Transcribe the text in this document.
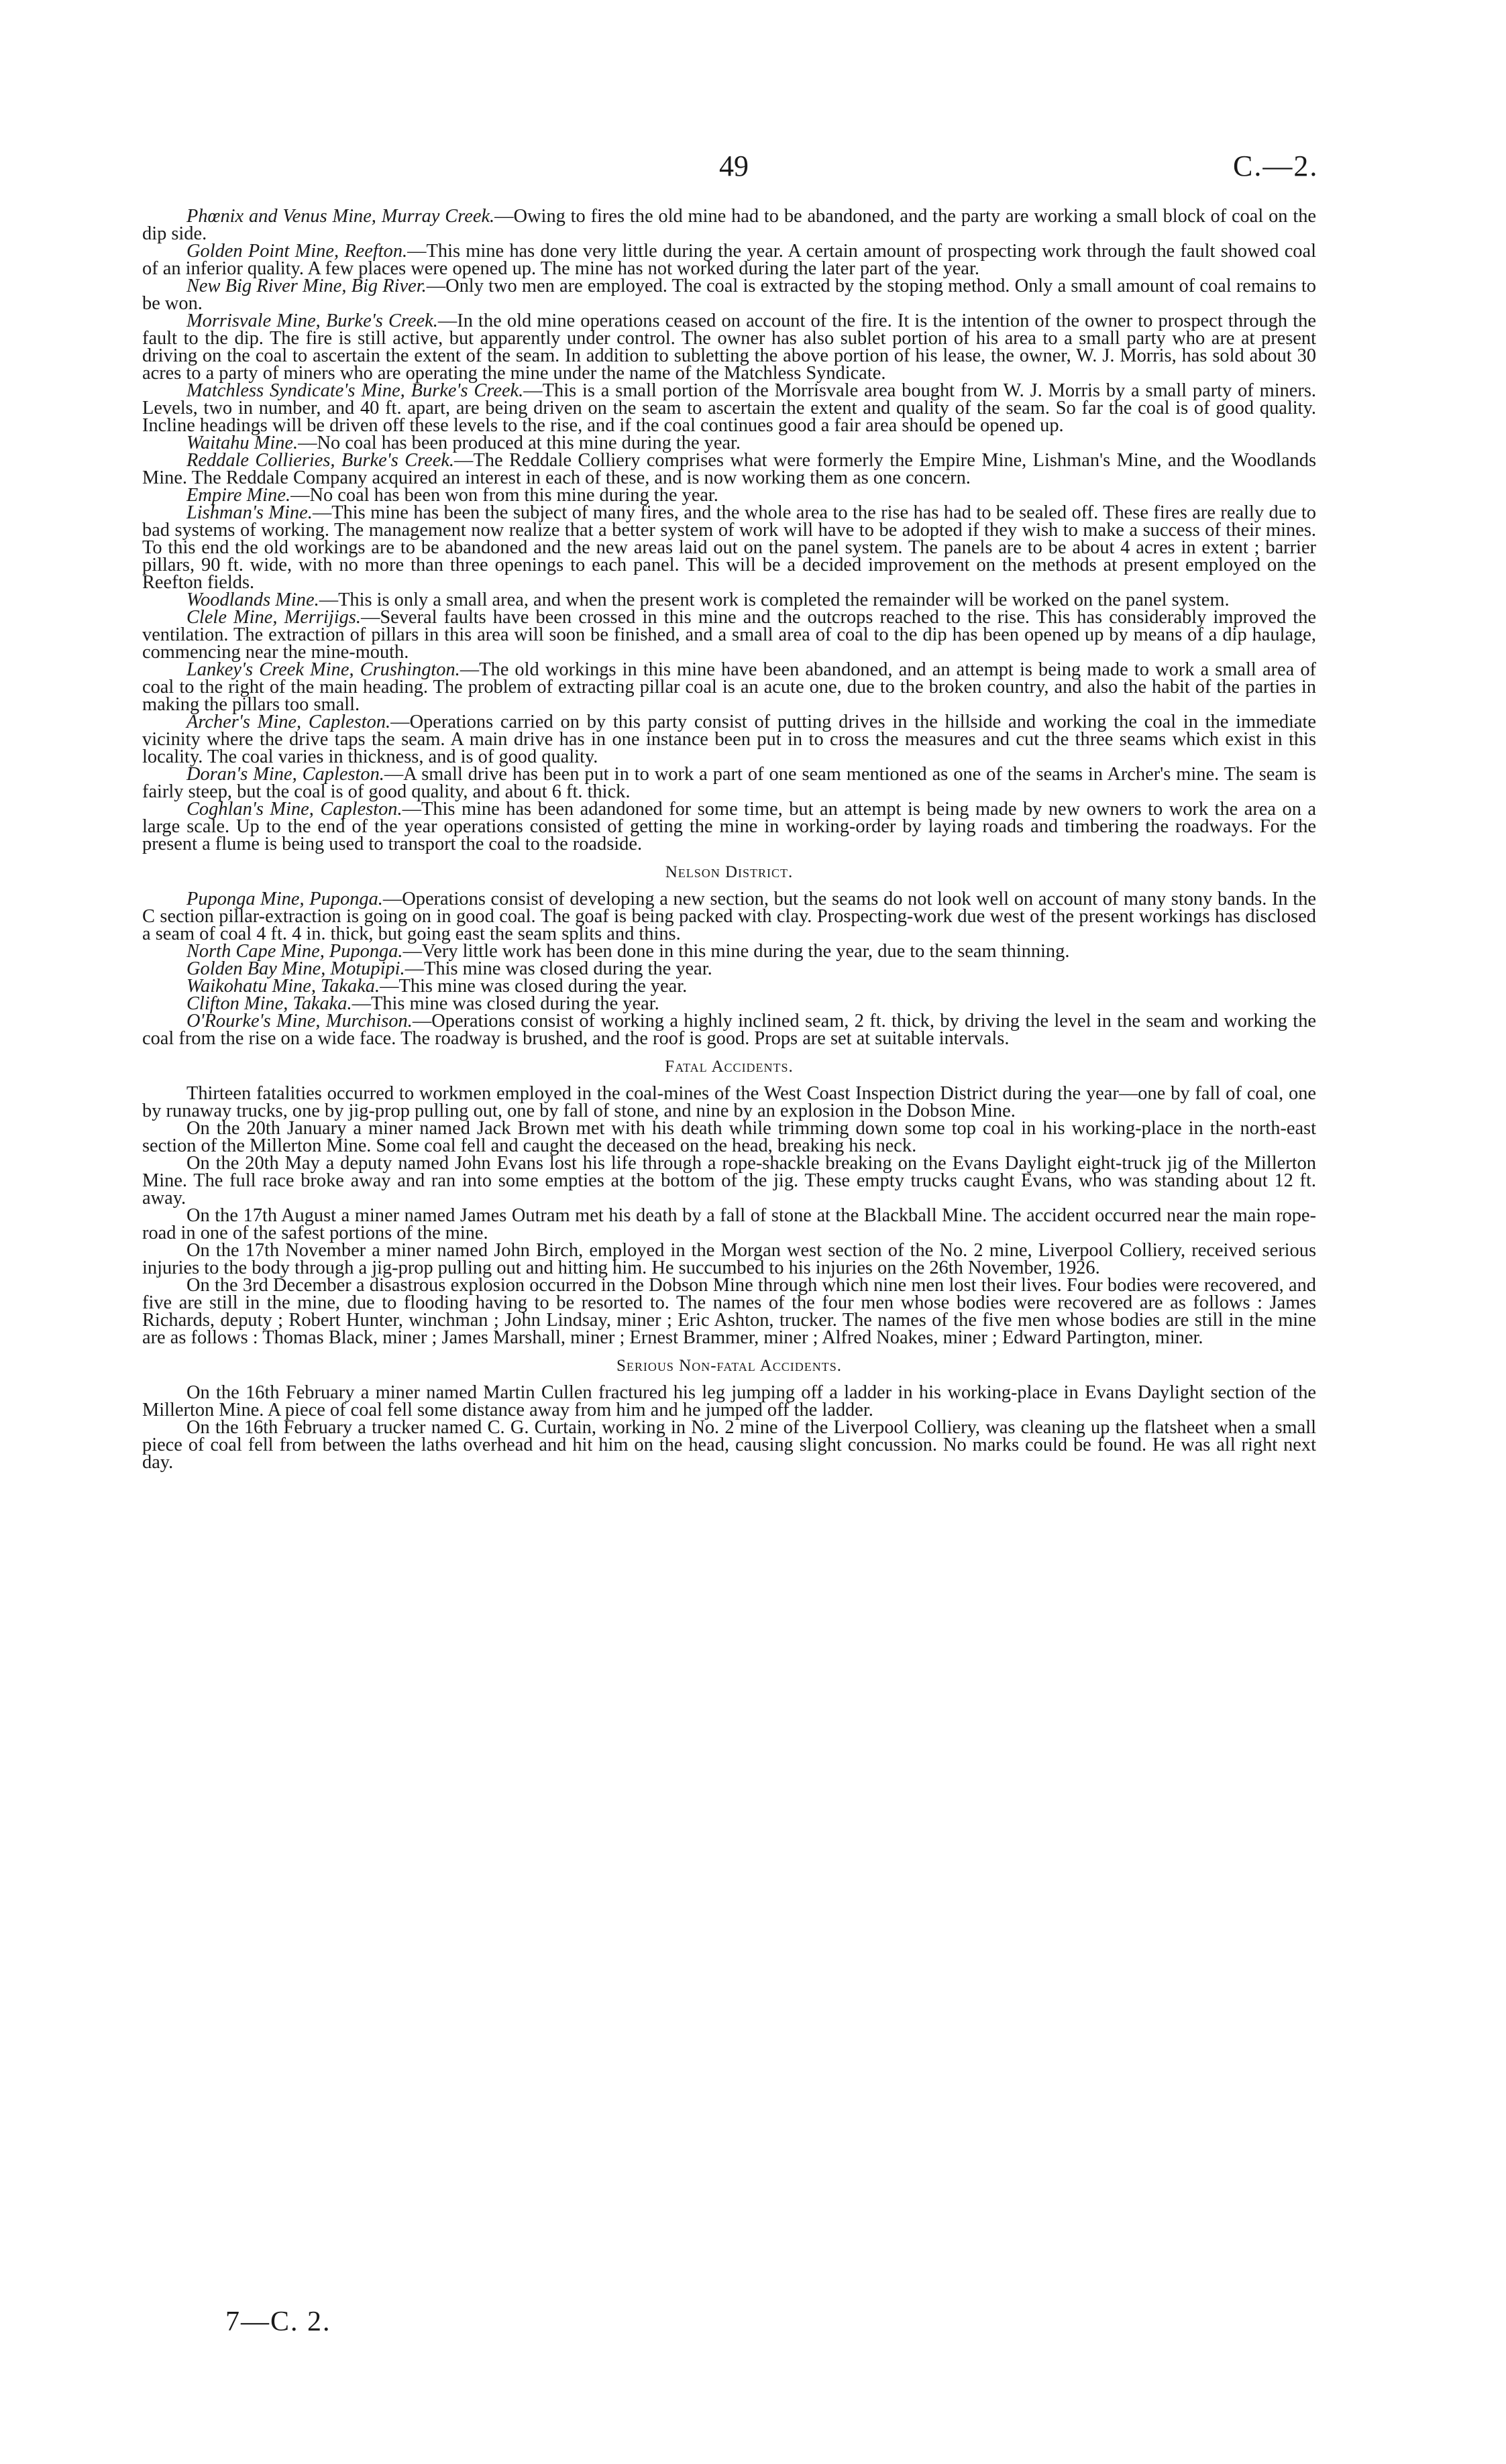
49	C.—2.

Phœnix and Venus Mine, Murray Creek.—Owing to fires the old mine had to be abandoned, and the party are working a small block of coal on the dip side.

Golden Point Mine, Reefton.—This mine has done very little during the year. A certain amount of prospecting work through the fault showed coal of an inferior quality. A few places were opened up. The mine has not worked during the later part of the year.

New Big River Mine, Big River.—Only two men are employed. The coal is extracted by the stoping method. Only a small amount of coal remains to be won.

Morrisvale Mine, Burke's Creek.—In the old mine operations ceased on account of the fire. It is the intention of the owner to prospect through the fault to the dip. The fire is still active, but apparently under control. The owner has also sublet portion of his area to a small party who are at present driving on the coal to ascertain the extent of the seam. In addition to subletting the above portion of his lease, the owner, W. J. Morris, has sold about 30 acres to a party of miners who are operating the mine under the name of the Matchless Syndicate.

Matchless Syndicate's Mine, Burke's Creek.—This is a small portion of the Morrisvale area bought from W. J. Morris by a small party of miners. Levels, two in number, and 40 ft. apart, are being driven on the seam to ascertain the extent and quality of the seam. So far the coal is of good quality. Incline headings will be driven off these levels to the rise, and if the coal continues good a fair area should be opened up.

Waitahu Mine.—No coal has been produced at this mine during the year.

Reddale Collieries, Burke's Creek.—The Reddale Colliery comprises what were formerly the Empire Mine, Lishman's Mine, and the Woodlands Mine. The Reddale Company acquired an interest in each of these, and is now working them as one concern.

Empire Mine.—No coal has been won from this mine during the year.

Lishman's Mine.—This mine has been the subject of many fires, and the whole area to the rise has had to be sealed off. These fires are really due to bad systems of working. The management now realize that a better system of work will have to be adopted if they wish to make a success of their mines. To this end the old workings are to be abandoned and the new areas laid out on the panel system. The panels are to be about 4 acres in extent ; barrier pillars, 90 ft. wide, with no more than three openings to each panel. This will be a decided improvement on the methods at present employed on the Reefton fields.

Woodlands Mine.—This is only a small area, and when the present work is completed the remainder will be worked on the panel system.

Clele Mine, Merrijigs.—Several faults have been crossed in this mine and the outcrops reached to the rise. This has considerably improved the ventilation. The extraction of pillars in this area will soon be finished, and a small area of coal to the dip has been opened up by means of a dip haulage, commencing near the mine-mouth.

Lankey's Creek Mine, Crushington.—The old workings in this mine have been abandoned, and an attempt is being made to work a small area of coal to the right of the main heading. The problem of extracting pillar coal is an acute one, due to the broken country, and also the habit of the parties in making the pillars too small.

Archer's Mine, Capleston.—Operations carried on by this party consist of putting drives in the hillside and working the coal in the immediate vicinity where the drive taps the seam. A main drive has in one instance been put in to cross the measures and cut the three seams which exist in this locality. The coal varies in thickness, and is of good quality.

Doran's Mine, Capleston.—A small drive has been put in to work a part of one seam mentioned as one of the seams in Archer's mine. The seam is fairly steep, but the coal is of good quality, and about 6 ft. thick.

Coghlan's Mine, Capleston.—This mine has been adandoned for some time, but an attempt is being made by new owners to work the area on a large scale. Up to the end of the year operations consisted of getting the mine in working-order by laying roads and timbering the roadways. For the present a flume is being used to transport the coal to the roadside.

Nelson District.

Puponga Mine, Puponga.—Operations consist of developing a new section, but the seams do not look well on account of many stony bands. In the C section pillar-extraction is going on in good coal. The goaf is being packed with clay. Prospecting-work due west of the present workings has disclosed a seam of coal 4 ft. 4 in. thick, but going east the seam splits and thins.

North Cape Mine, Puponga.—Very little work has been done in this mine during the year, due to the seam thinning.

Golden Bay Mine, Motupipi.—This mine was closed during the year.

Waikohatu Mine, Takaka.—This mine was closed during the year.

Clifton Mine, Takaka.—This mine was closed during the year.

O'Rourke's Mine, Murchison.—Operations consist of working a highly inclined seam, 2 ft. thick, by driving the level in the seam and working the coal from the rise on a wide face. The roadway is brushed, and the roof is good. Props are set at suitable intervals.

Fatal Accidents.

Thirteen fatalities occurred to workmen employed in the coal-mines of the West Coast Inspection District during the year—one by fall of coal, one by runaway trucks, one by jig-prop pulling out, one by fall of stone, and nine by an explosion in the Dobson Mine.

On the 20th January a miner named Jack Brown met with his death while trimming down some top coal in his working-place in the north-east section of the Millerton Mine. Some coal fell and caught the deceased on the head, breaking his neck.

On the 20th May a deputy named John Evans lost his life through a rope-shackle breaking on the Evans Daylight eight-truck jig of the Millerton Mine. The full race broke away and ran into some empties at the bottom of the jig. These empty trucks caught Evans, who was standing about 12 ft. away.

On the 17th August a miner named James Outram met his death by a fall of stone at the Blackball Mine. The accident occurred near the main rope-road in one of the safest portions of the mine.

On the 17th November a miner named John Birch, employed in the Morgan west section of the No. 2 mine, Liverpool Colliery, received serious injuries to the body through a jig-prop pulling out and hitting him. He succumbed to his injuries on the 26th November, 1926.

On the 3rd December a disastrous explosion occurred in the Dobson Mine through which nine men lost their lives. Four bodies were recovered, and five are still in the mine, due to flooding having to be resorted to. The names of the four men whose bodies were recovered are as follows : James Richards, deputy ; Robert Hunter, winchman ; John Lindsay, miner ; Eric Ashton, trucker. The names of the five men whose bodies are still in the mine are as follows : Thomas Black, miner ; James Marshall, miner ; Ernest Brammer, miner ; Alfred Noakes, miner ; Edward Partington, miner.

Serious Non-fatal Accidents.

On the 16th February a miner named Martin Cullen fractured his leg jumping off a ladder in his working-place in Evans Daylight section of the Millerton Mine. A piece of coal fell some distance away from him and he jumped off the ladder.

On the 16th February a trucker named C. G. Curtain, working in No. 2 mine of the Liverpool Colliery, was cleaning up the flatsheet when a small piece of coal fell from between the laths overhead and hit him on the head, causing slight concussion. No marks could be found. He was all right next day.

7—C. 2.
